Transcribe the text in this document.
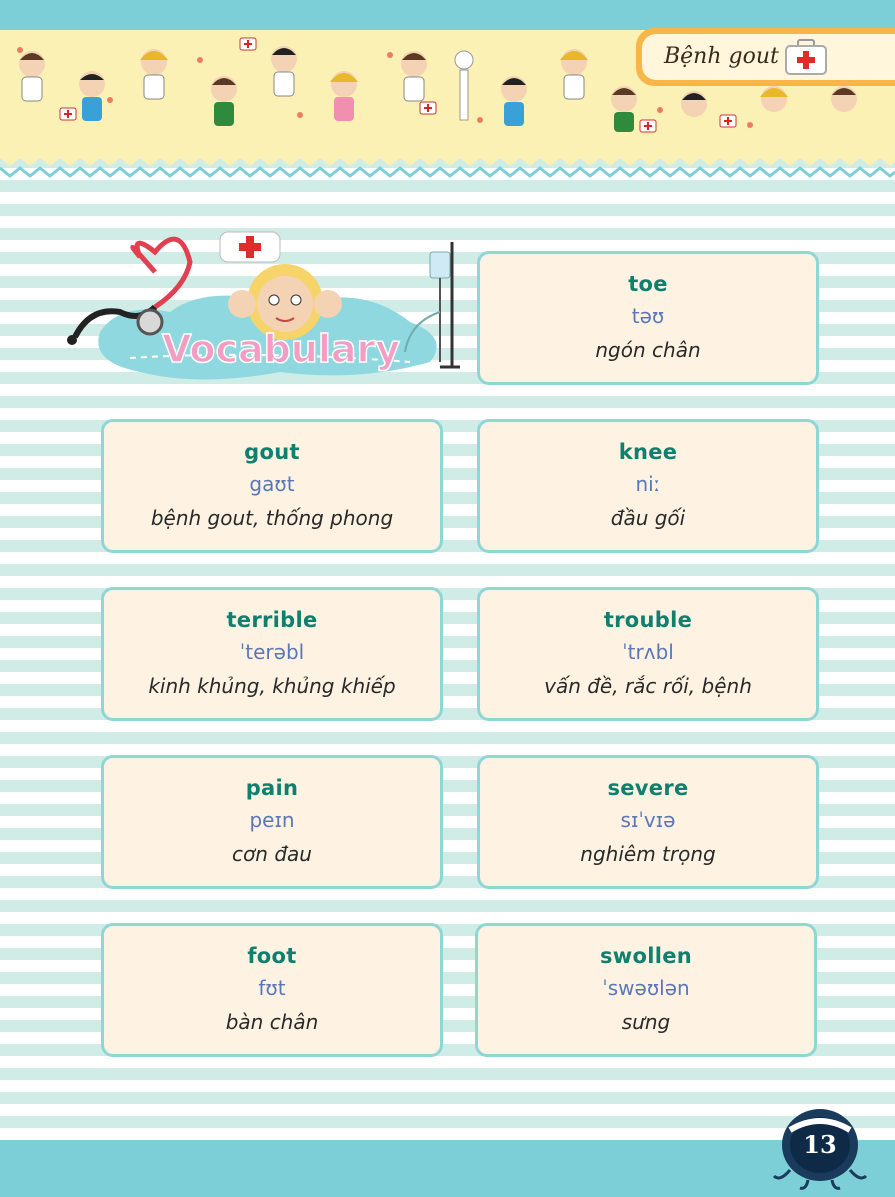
Bệnh gout
Vocabulary
toe
təʊ
ngón chân
gout
gaʊt
bệnh gout, thống phong
knee
niː
đầu gối
terrible
ˈterəbl
kinh khủng, khủng khiếp
trouble
ˈtrʌbl
vấn đề, rắc rối, bệnh
pain
peɪn
cơn đau
severe
sɪˈvɪə
nghiêm trọng
foot
fʊt
bàn chân
swollen
ˈswəʊlən
sưng
13
